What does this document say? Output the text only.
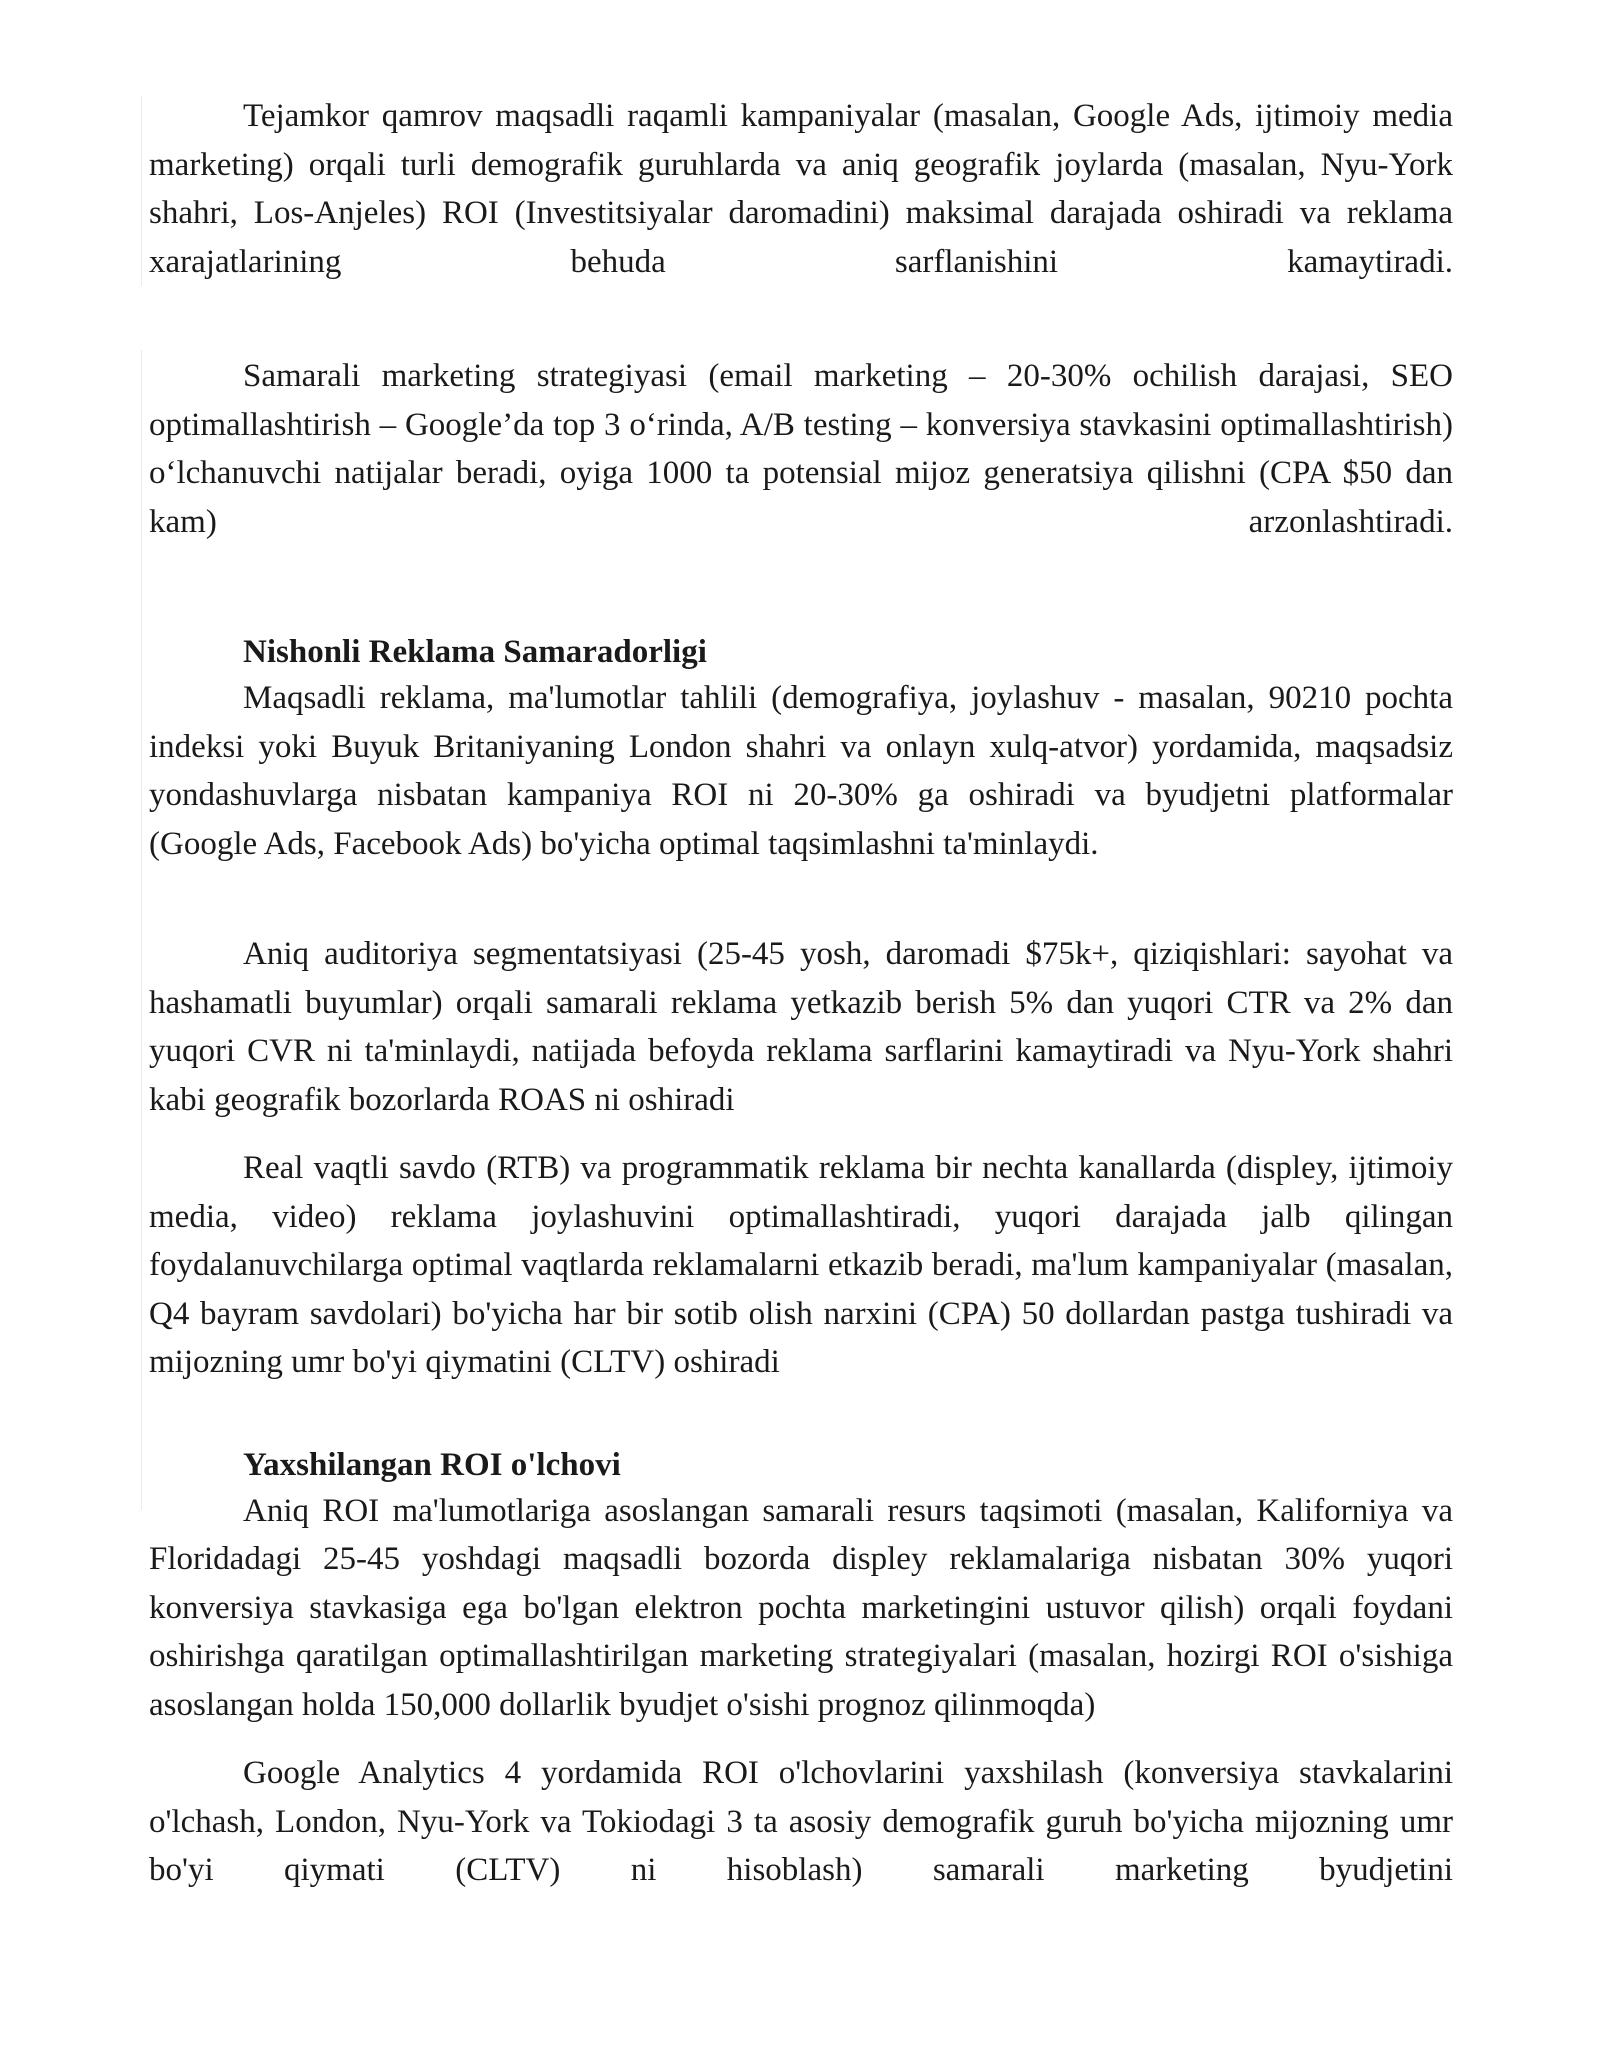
Tejamkor qamrov maqsadli raqamli kampaniyalar (masalan, Google Ads, ijtimoiy media marketing) orqali turli demografik guruhlarda va aniq geografik joylarda (masalan, Nyu-York shahri, Los-Anjeles) ROI (Investitsiyalar daromadini) maksimal darajada oshiradi va reklama xarajatlarining behuda sarflanishini kamaytiradi.

Samarali marketing strategiyasi (email marketing – 20-30% ochilish darajasi, SEO optimallashtirish – Google’da top 3 oʻrinda, A/B testing – konversiya stavkasini optimallashtirish) oʻlchanuvchi natijalar beradi, oyiga 1000 ta potensial mijoz generatsiya qilishni (CPA $50 dan kam) arzonlashtiradi.

Nishonli Reklama Samaradorligi

Maqsadli reklama, ma'lumotlar tahlili (demografiya, joylashuv - masalan, 90210 pochta indeksi yoki Buyuk Britaniyaning London shahri va onlayn xulq-atvor) yordamida, maqsadsiz yondashuvlarga nisbatan kampaniya ROI ni 20-30% ga oshiradi va byudjetni platformalar (Google Ads, Facebook Ads) bo'yicha optimal taqsimlashni ta'minlaydi.

Aniq auditoriya segmentatsiyasi (25-45 yosh, daromadi $75k+, qiziqishlari: sayohat va hashamatli buyumlar) orqali samarali reklama yetkazib berish 5% dan yuqori CTR va 2% dan yuqori CVR ni ta'minlaydi, natijada befoyda reklama sarflarini kamaytiradi va Nyu-York shahri kabi geografik bozorlarda ROAS ni oshiradi

Real vaqtli savdo (RTB) va programmatik reklama bir nechta kanallarda (displey, ijtimoiy media, video) reklama joylashuvini optimallashtiradi, yuqori darajada jalb qilingan foydalanuvchilarga optimal vaqtlarda reklamalarni etkazib beradi, ma'lum kampaniyalar (masalan, Q4 bayram savdolari) bo'yicha har bir sotib olish narxini (CPA) 50 dollardan pastga tushiradi va mijozning umr bo'yi qiymatini (CLTV) oshiradi

Yaxshilangan ROI o'lchovi

Aniq ROI ma'lumotlariga asoslangan samarali resurs taqsimoti (masalan, Kaliforniya va Floridadagi 25-45 yoshdagi maqsadli bozorda displey reklamalariga nisbatan 30% yuqori konversiya stavkasiga ega bo'lgan elektron pochta marketingini ustuvor qilish) orqali foydani oshirishga qaratilgan optimallashtirilgan marketing strategiyalari (masalan, hozirgi ROI o'sishiga asoslangan holda 150,000 dollarlik byudjet o'sishi prognoz qilinmoqda)

Google Analytics 4 yordamida ROI o'lchovlarini yaxshilash (konversiya stavkalarini o'lchash, London, Nyu-York va Tokiodagi 3 ta asosiy demografik guruh bo'yicha mijozning umr bo'yi qiymati (CLTV) ni hisoblash) samarali marketing byudjetini
